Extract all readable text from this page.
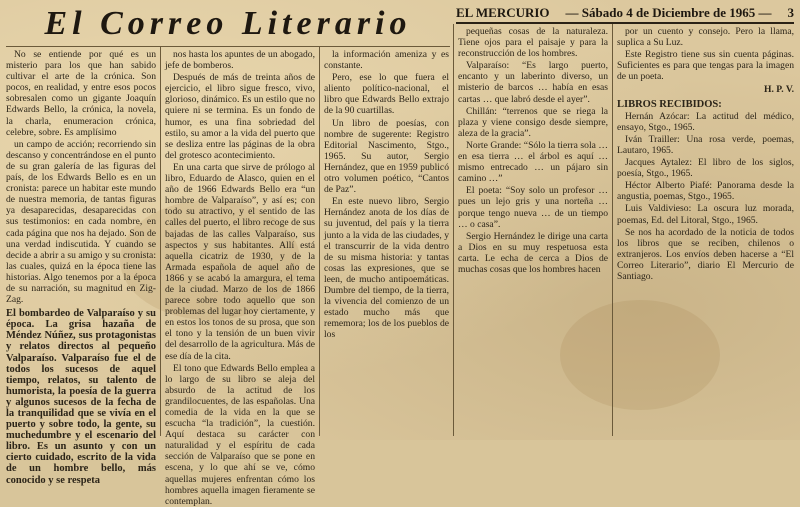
El Correo Literario	EL MERCURIO — Sábado 4 de Diciembre de 1965 — 3

No se entiende por qué es un misterio para los que han sabido cultivar el arte de la crónica. Son pocos, en realidad, y entre esos pocos sobresalen como un gigante Joaquín Edwards Bello, la crónica, la novela, la charla, enumeracion crónica, celebre, sobre. Es amplísimo

un campo de acción; recorriendo sin descanso y concentrándose en el punto de su gran galería de las figuras del país, de los Edwards Bello es en un cronista: parece un habitar este mundo de nuestra memoria, de tantas figuras ya desaparecidas, desaparecidas con sus testimonios: en cada nombre, en cada página que nos ha dejado. Son de una verdad indiscutida. Y cuando se decide a abrir a su amigo y su cronista: las cuales, quizá en la época tiene las historias. Algo tenemos por a la época de su narración, su magnitud en Zig-Zag.

El bombardeo de Valparaíso y su época. La grisa hazaña de Méndez Núñez, sus protagonistas y relatos directos al pequeño Valparaíso. Valparaíso fue el de todos los sucesos de aquel tiempo, relatos, su talento de humorista, la poesía de la guerra y algunos sucesos de la fecha de la tranquilidad que se vivía en el puerto y sobre todo, la gente, su muchedumbre y el escenario del libro. Es un asunto y con un cierto cuidado, escrito de la vida de un hombre bello, más conocido y se respeta

nos hasta los apuntes de un abogado, jefe de bomberos.

Después de más de treinta años de ejercicio, el libro sigue fresco, vivo, glorioso, dinámico. Es un estilo que no quiere ni se termina. Es un fondo de humor, es una fina sobriedad del estilo, su amor a la vida del puerto que se desliza entre las páginas de la obra del grotesco acontecimiento.

En una carta que sirve de prólogo al libro, Eduardo de Alasco, quien en el año de 1966 Edwards Bello era “un hombre de Valparaíso”, y así es; con todo su atractivo, y el sentido de las calles del puerto, el libro recoge de sus bajadas de las calles Valparaíso, sus aspectos y sus habitantes. Allí está aquella cicatriz de 1930, y de la Armada española de aquel año de 1866 y se acabó la amargura, el tema de la ciudad. Marzo de los de 1866 parece sobre todo aquello que son problemas del lugar hoy ciertamente, y en estos los tonos de su prosa, que son el tono y la tensión de un buen vivir del desarrollo de la agricultura. Más de ese día de la cita.

El tono que Edwards Bello emplea a lo largo de su libro se aleja del absurdo de la actitud de los grandilocuentes, de las españolas. Una comedia de la vida en la que se escucha “la tradición”, la cuestión. Aquí destaca su carácter con naturalidad y el espíritu de cada sección de Valparaíso que se pone en escena, y lo que ahí se ve, cómo aquellas mujeres enfrentan cómo los hombres aquella imagen fieramente se contemplan.

la información ameniza y es constante.

Pero, ese lo que fuera el aliento político-nacional, el libro que Edwards Bello extrajo de la 90 cuartillas.

Un libro de poesías, con nombre de sugerente: Registro Editorial Nascimento, Stgo., 1965. Su autor, Sergio Hernández, que en 1959 publicó otro volumen poético, “Cantos de Paz”.

En este nuevo libro, Sergio Hernández anota de los días de su juventud, del país y la tierra junto a la vida de las ciudades, y el transcurrir de la vida dentro de su misma historia: y tantas cosas las expresiones, que se leen, de mucho antipoemáticas. Dumbre del tiempo, de la tierra, la vivencia del comienzo de un estado mucho más que rememora; los de los pueblos de los

pequeñas cosas de la naturaleza. Tiene ojos para el paisaje y para la reconstrucción de los hombres.

Valparaíso: “Es largo puerto, encanto y un laberinto diverso, un misterio de barcos … había en esas cartas … que labró desde el ayer”.

Chillán: “terrenos que se riega la plaza y viene consigo desde siempre, aleza de la gracia”.

Norte Grande: “Sólo la tierra sola … en esa tierra … el árbol es aquí … mismo entrecado … un pájaro sin camino …”

El poeta: “Soy solo un profesor … pues un lejo gris y una norteña … porque tengo nueva … de un tiempo … o casa”.

Sergio Hernández le dirige una carta a Dios en su muy respetuosa esta carta. Le echa de cerca a Dios de muchas cosas que los hombres hacen

por un cuento y consejo. Pero la llama, suplica a Su Luz.

Este Registro tiene sus sin cuenta páginas. Suficientes es para que tengas para la imagen de un poeta.

H. P. V.

LIBROS RECIBIDOS:

Hernán Azócar: La actitud del médico, ensayo, Stgo., 1965.

Iván Trailler: Una rosa verde, poemas, Lautaro, 1965.

Jacques Aytalez: El libro de los siglos, poesía, Stgo., 1965.

Héctor Alberto Piafé: Panorama desde la angustia, poemas, Stgo., 1965.

Luis Valdivieso: La oscura luz morada, poemas, Ed. del Litoral, Stgo., 1965.

Se nos ha acordado de la noticia de todos los libros que se reciben, chilenos o extranjeros. Los envíos deben hacerse a “El Correo Literario”, diario El Mercurio de Santiago.
